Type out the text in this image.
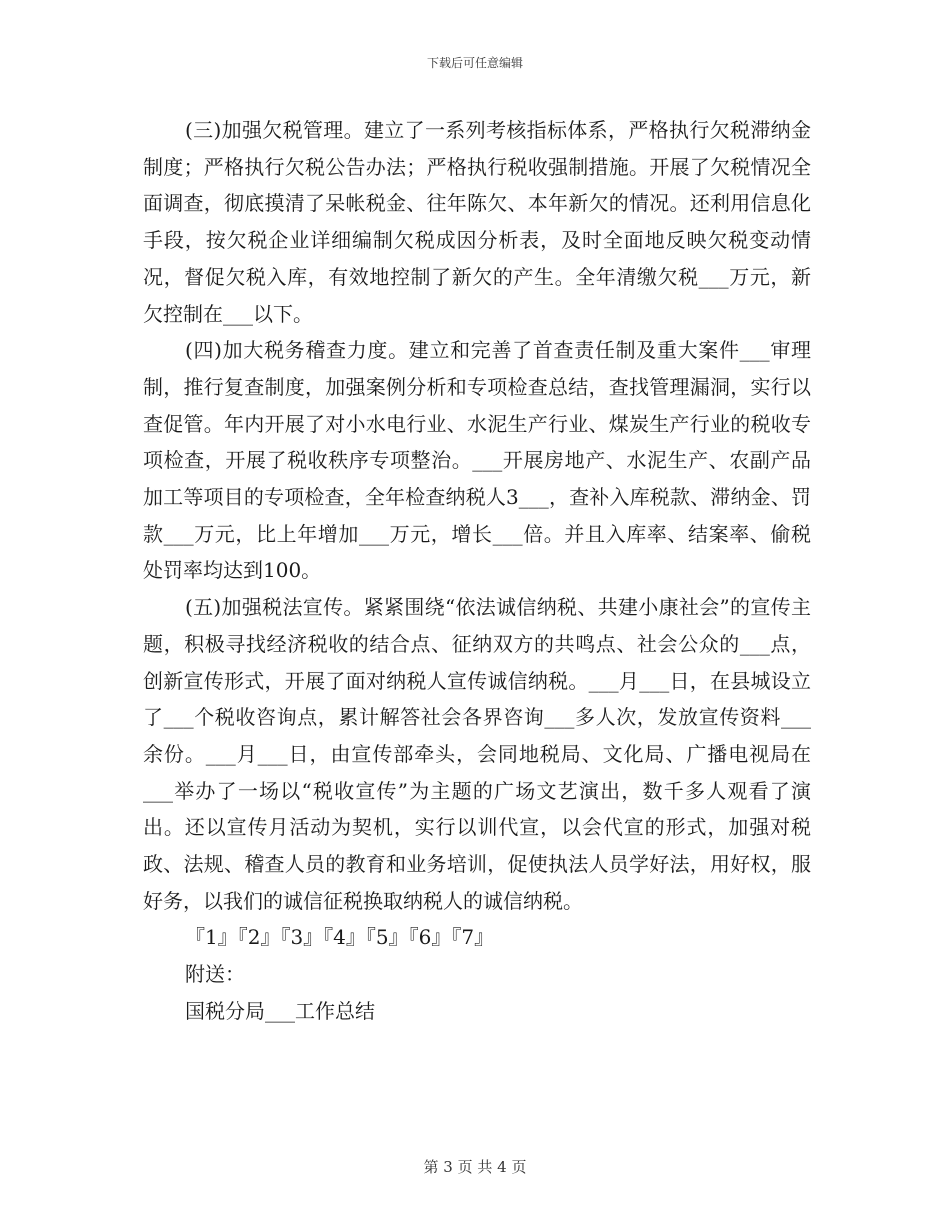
下载后可任意编辑

(三)加强欠税管理。建立了一系列考核指标体系，严格执行欠税滞纳金制度；严格执行欠税公告办法；严格执行税收强制措施。开展了欠税情况全面调查，彻底摸清了呆帐税金、往年陈欠、本年新欠的情况。还利用信息化手段，按欠税企业详细编制欠税成因分析表，及时全面地反映欠税变动情况，督促欠税入库，有效地控制了新欠的产生。全年清缴欠税___万元，新欠控制在___以下。

(四)加大税务稽查力度。建立和完善了首查责任制及重大案件___审理制，推行复查制度，加强案例分析和专项检查总结，查找管理漏洞，实行以查促管。年内开展了对小水电行业、水泥生产行业、煤炭生产行业的税收专项检查，开展了税收秩序专项整治。___开展房地产、水泥生产、农副产品加工等项目的专项检查，全年检查纳税人3___，查补入库税款、滞纳金、罚款___万元，比上年增加___万元，增长___倍。并且入库率、结案率、偷税处罚率均达到100。

(五)加强税法宣传。紧紧围绕“依法诚信纳税、共建小康社会”的宣传主题，积极寻找经济税收的结合点、征纳双方的共鸣点、社会公众的___点，创新宣传形式，开展了面对纳税人宣传诚信纳税。___月___日，在县城设立了___个税收咨询点，累计解答社会各界咨询___多人次，发放宣传资料___余份。___月___日，由宣传部牵头，会同地税局、文化局、广播电视局在___举办了一场以“税收宣传”为主题的广场文艺演出，数千多人观看了演出。还以宣传月活动为契机，实行以训代宣，以会代宣的形式，加强对税政、法规、稽查人员的教育和业务培训，促使执法人员学好法，用好权，服好务，以我们的诚信征税换取纳税人的诚信纳税。

『1』『2』『3』『4』『5』『6』『7』

附送：

国税分局___工作总结

第 3 页 共 4 页
